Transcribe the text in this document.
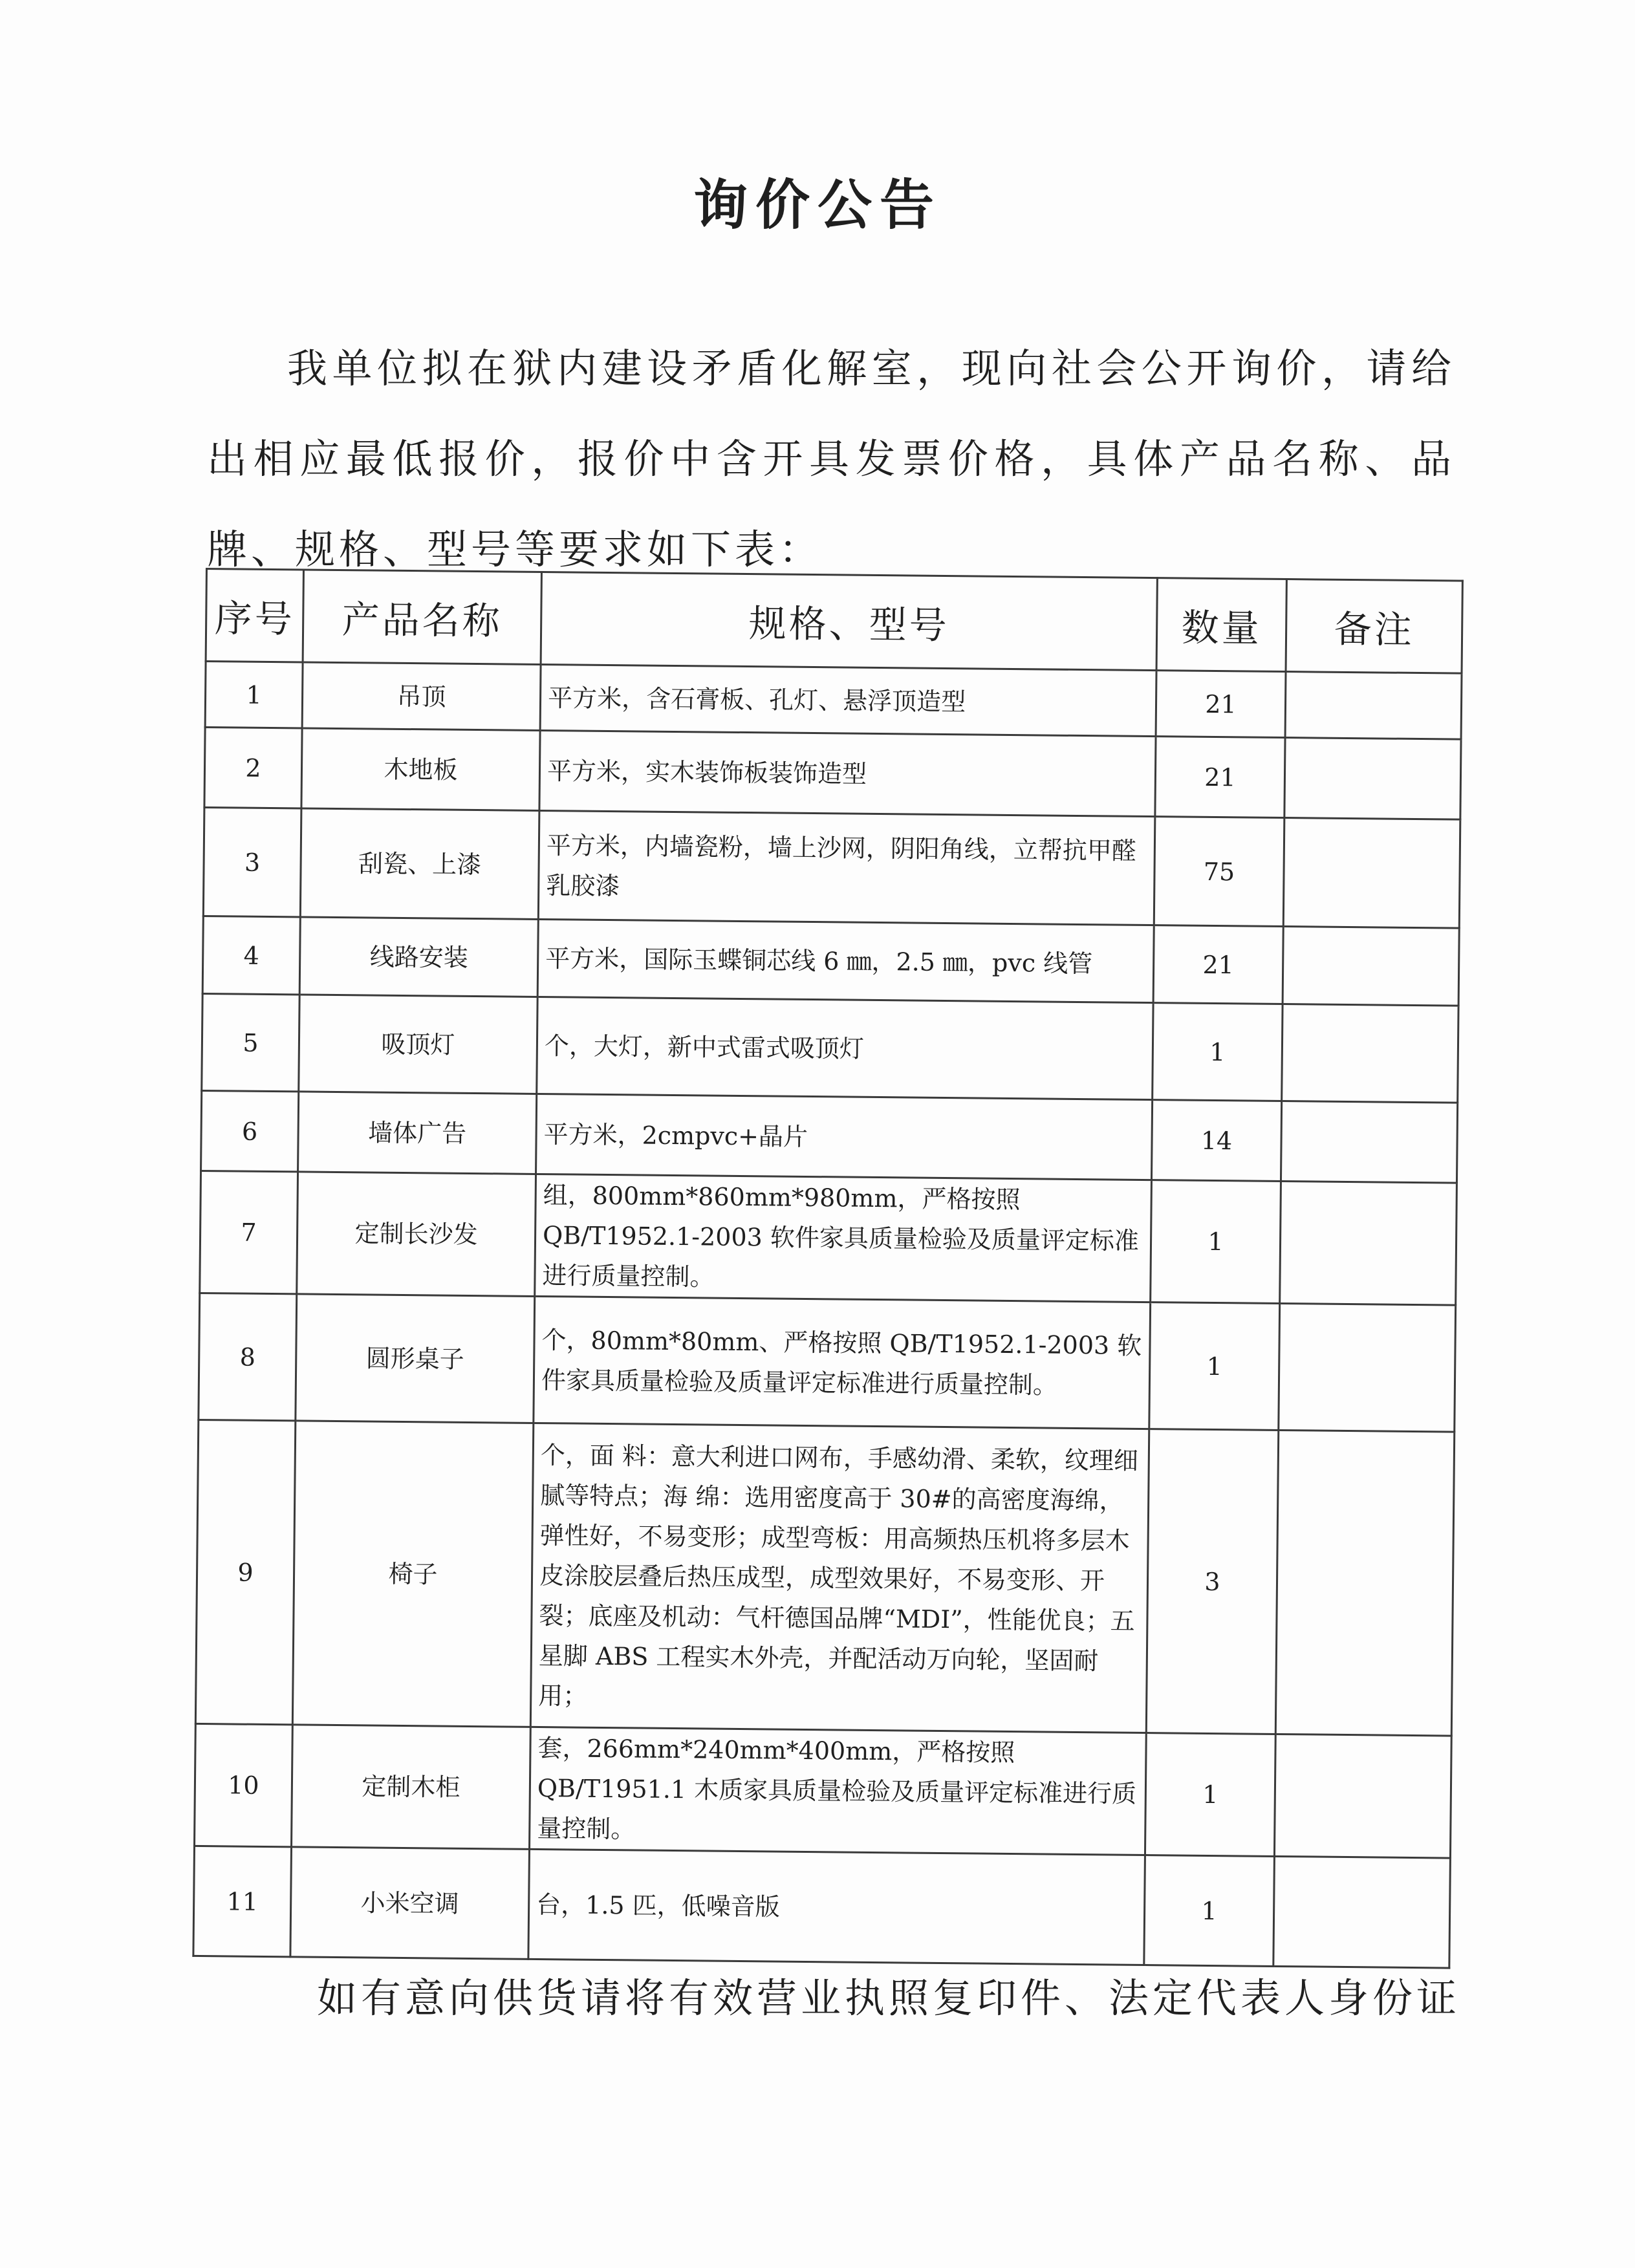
询价公告
我单位拟在狱内建设矛盾化解室，现向社会公开询价，请给出相应最低报价，报价中含开具发票价格，具体产品名称、品牌、规格、型号等要求如下表：
序号	产品名称	规格、型号	数量	备注
1	吊顶	平方米，含石膏板、孔灯、悬浮顶造型	21	
2	木地板	平方米，实木装饰板装饰造型	21	
3	刮瓷、上漆	平方米，内墙瓷粉，墙上沙网，阴阳角线，立帮抗甲醛乳胶漆	75	
4	线路安装	平方米，国际玉蝶铜芯线 6 ㎜，2.5 ㎜，pvc 线管	21	
5	吸顶灯	个，大灯，新中式雷式吸顶灯	1	
6	墙体广告	平方米，2cmpvc+晶片	14	
7	定制长沙发	组，800mm*860mm*980mm，严格按照 QB/T1952.1-2003 软件家具质量检验及质量评定标准进行质量控制。	1	
8	圆形桌子	个，80mm*80mm、严格按照 QB/T1952.1-2003 软件家具质量检验及质量评定标准进行质量控制。	1	
9	椅子	个，面 料：意大利进口网布，手感幼滑、柔软，纹理细腻等特点；海 绵：选用密度高于 30#的高密度海绵，弹性好，不易变形；成型弯板：用高频热压机将多层木皮涂胶层叠后热压成型，成型效果好，不易变形、开裂；底座及机动：气杆德国品牌“MDI”，性能优良；五星脚 ABS 工程实木外壳，并配活动万向轮，坚固耐用；	3	
10	定制木柜	套，266mm*240mm*400mm，严格按照 QB/T1951.1 木质家具质量检验及质量评定标准进行质量控制。	1	
11	小米空调	台，1.5 匹，低噪音版	1	
如有意向供货请将有效营业执照复印件、法定代表人身份证
